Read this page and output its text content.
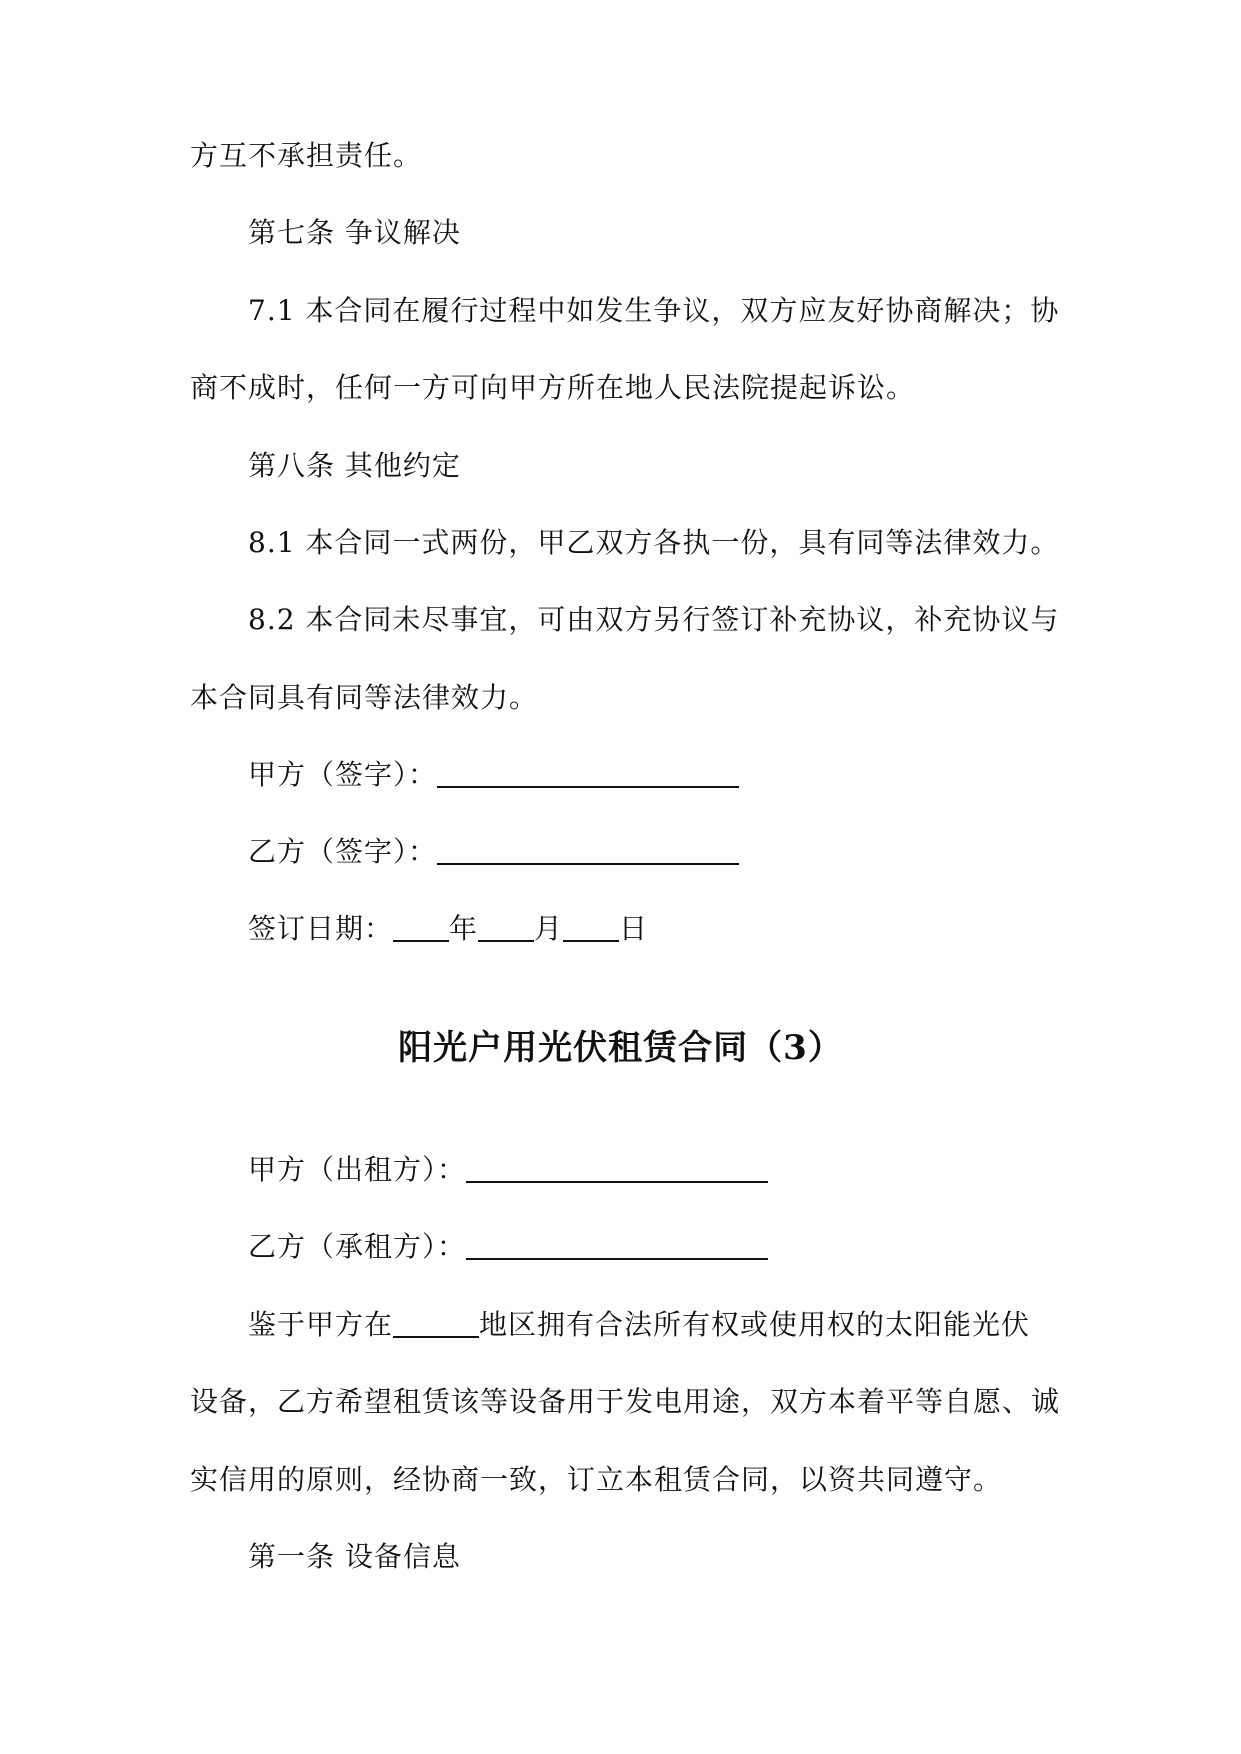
方互不承担责任。
第七条 争议解决
7.1 本合同在履行过程中如发生争议，双方应友好协商解决；协
商不成时，任何一方可向甲方所在地人民法院提起诉讼。
第八条 其他约定
8.1 本合同一式两份，甲乙双方各执一份，具有同等法律效力。
8.2 本合同未尽事宜，可由双方另行签订补充协议，补充协议与
本合同具有同等法律效力。
甲方（签字）：
乙方（签字）：
签订日期： 年 月 日
阳光户用光伏租赁合同（3）
甲方（出租方）：
乙方（承租方）：
鉴于甲方在	地区拥有合法所有权或使用权的太阳能光伏
设备，乙方希望租赁该等设备用于发电用途，双方本着平等自愿、诚
实信用的原则，经协商一致，订立本租赁合同，以资共同遵守。
第一条 设备信息
